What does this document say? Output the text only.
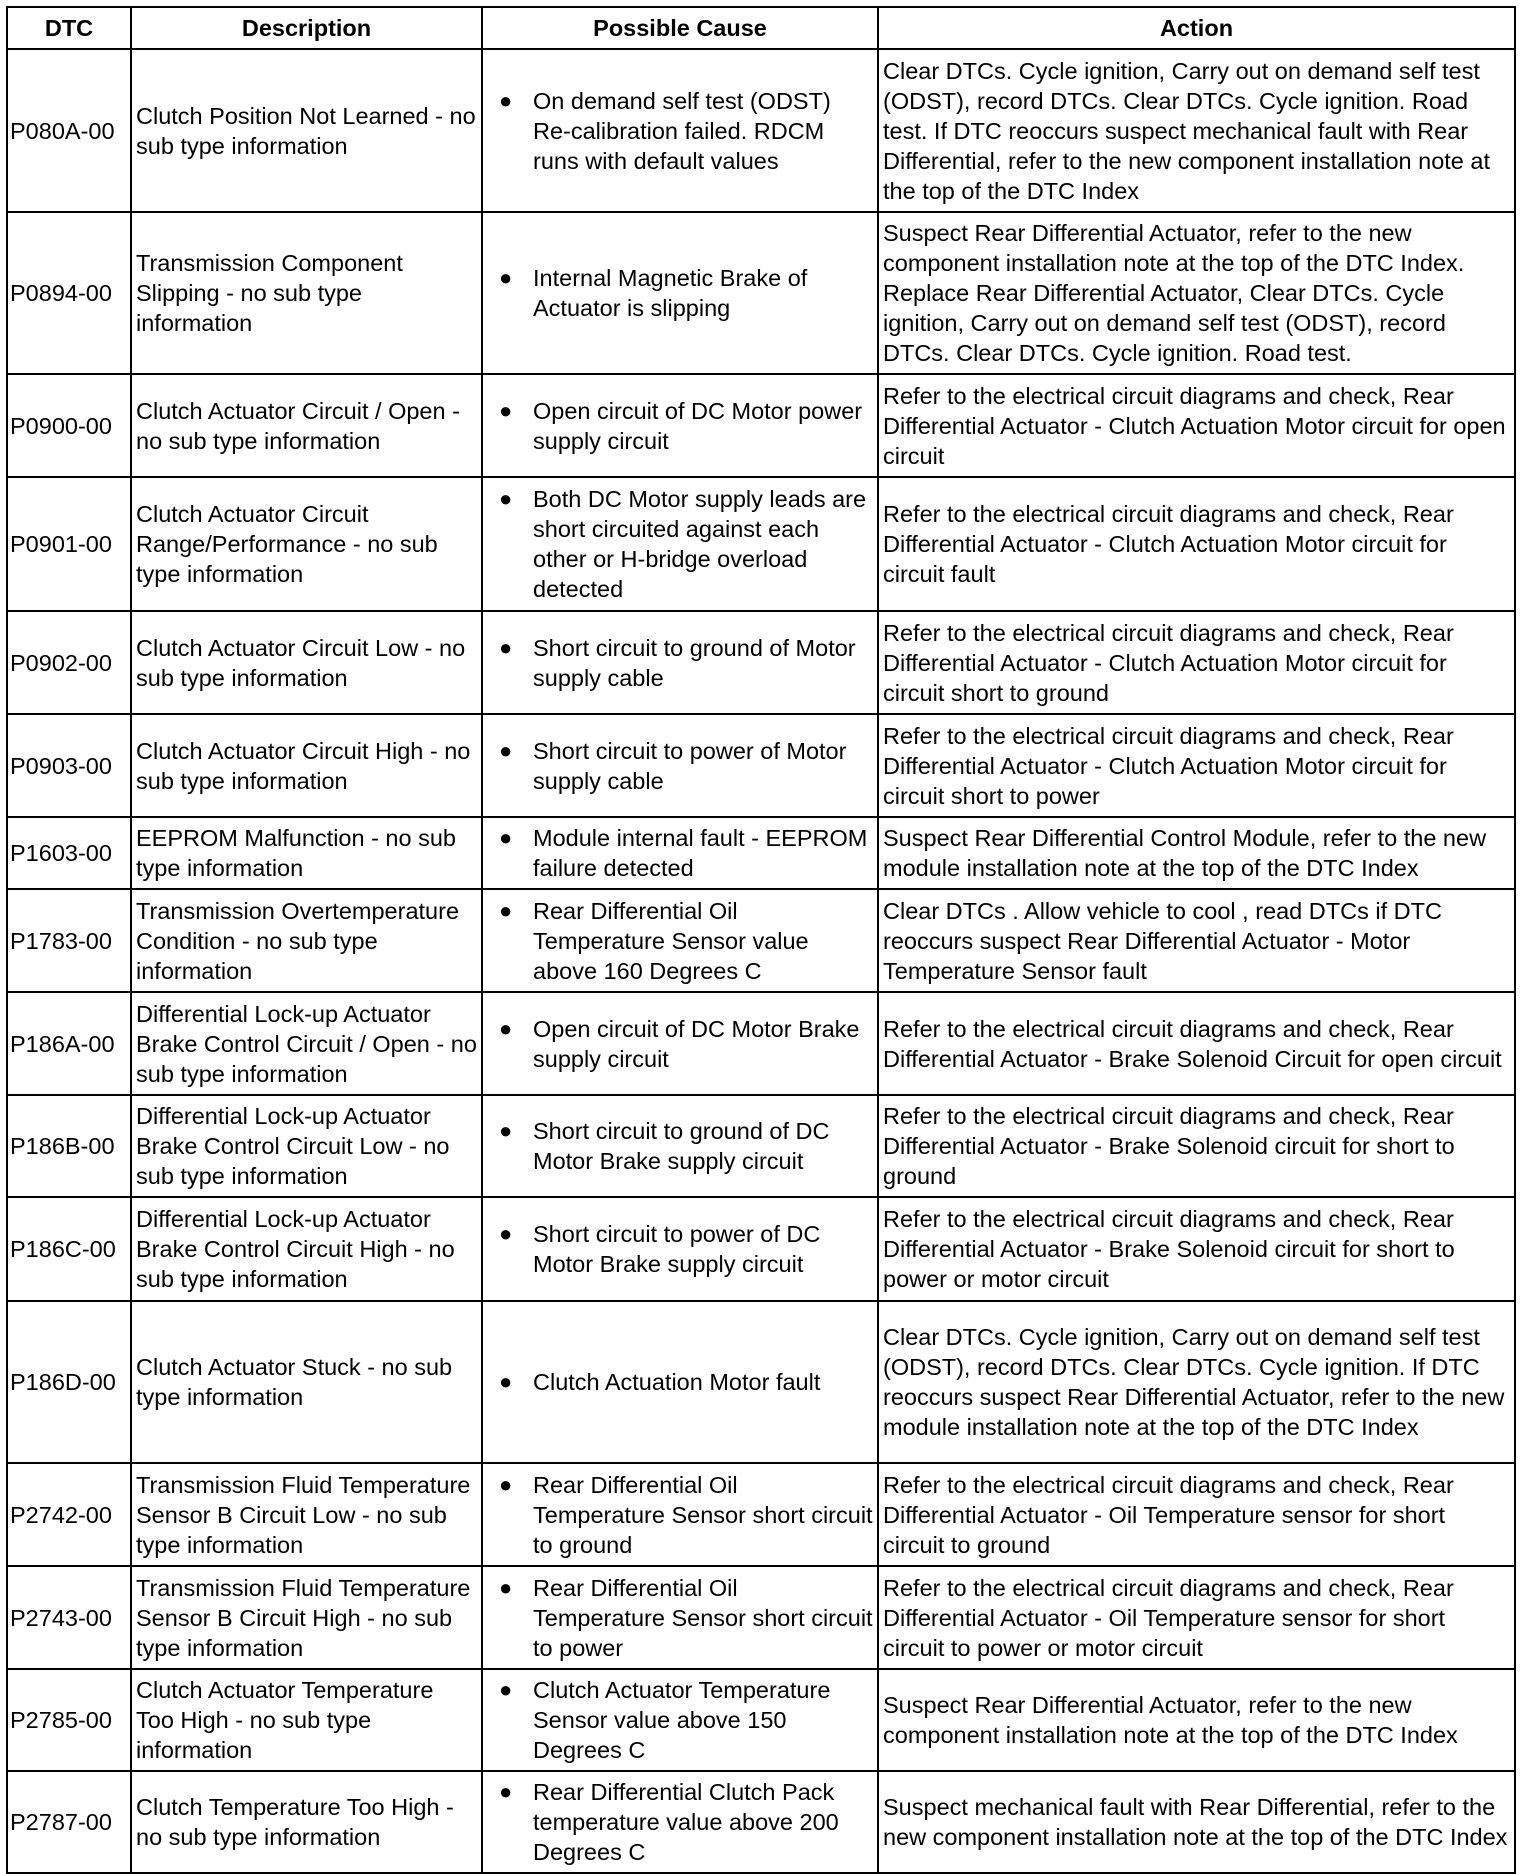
DTC	Description	Possible Cause	Action
P080A-00	Clutch Position Not Learned - no sub type information	● On demand self test (ODST) Re-calibration failed. RDCM runs with default values	Clear DTCs. Cycle ignition, Carry out on demand self test (ODST), record DTCs. Clear DTCs. Cycle ignition. Road test. If DTC reoccurs suspect mechanical fault with Rear Differential, refer to the new component installation note at the top of the DTC Index
P0894-00	Transmission Component Slipping - no sub type information	● Internal Magnetic Brake of Actuator is slipping	Suspect Rear Differential Actuator, refer to the new component installation note at the top of the DTC Index. Replace Rear Differential Actuator, Clear DTCs. Cycle ignition, Carry out on demand self test (ODST), record DTCs. Clear DTCs. Cycle ignition. Road test.
P0900-00	Clutch Actuator Circuit / Open - no sub type information	● Open circuit of DC Motor power supply circuit	Refer to the electrical circuit diagrams and check, Rear Differential Actuator - Clutch Actuation Motor circuit for open circuit
P0901-00	Clutch Actuator Circuit Range/Performance - no sub type information	● Both DC Motor supply leads are short circuited against each other or H-bridge overload detected	Refer to the electrical circuit diagrams and check, Rear Differential Actuator - Clutch Actuation Motor circuit for circuit fault
P0902-00	Clutch Actuator Circuit Low - no sub type information	● Short circuit to ground of Motor supply cable	Refer to the electrical circuit diagrams and check, Rear Differential Actuator - Clutch Actuation Motor circuit for circuit short to ground
P0903-00	Clutch Actuator Circuit High - no sub type information	● Short circuit to power of Motor supply cable	Refer to the electrical circuit diagrams and check, Rear Differential Actuator - Clutch Actuation Motor circuit for circuit short to power
P1603-00	EEPROM Malfunction - no sub type information	● Module internal fault - EEPROM failure detected	Suspect Rear Differential Control Module, refer to the new module installation note at the top of the DTC Index
P1783-00	Transmission Overtemperature Condition - no sub type information	● Rear Differential Oil Temperature Sensor value above 160 Degrees C	Clear DTCs . Allow vehicle to cool , read DTCs if DTC reoccurs suspect Rear Differential Actuator - Motor Temperature Sensor fault
P186A-00	Differential Lock-up Actuator Brake Control Circuit / Open - no sub type information	● Open circuit of DC Motor Brake supply circuit	Refer to the electrical circuit diagrams and check, Rear Differential Actuator - Brake Solenoid Circuit for open circuit
P186B-00	Differential Lock-up Actuator Brake Control Circuit Low - no sub type information	● Short circuit to ground of DC Motor Brake supply circuit	Refer to the electrical circuit diagrams and check, Rear Differential Actuator - Brake Solenoid circuit for short to ground
P186C-00	Differential Lock-up Actuator Brake Control Circuit High - no sub type information	● Short circuit to power of DC Motor Brake supply circuit	Refer to the electrical circuit diagrams and check, Rear Differential Actuator - Brake Solenoid circuit for short to power or motor circuit
P186D-00	Clutch Actuator Stuck - no sub type information	● Clutch Actuation Motor fault	Clear DTCs. Cycle ignition, Carry out on demand self test (ODST), record DTCs. Clear DTCs. Cycle ignition. If DTC reoccurs suspect Rear Differential Actuator, refer to the new module installation note at the top of the DTC Index
P2742-00	Transmission Fluid Temperature Sensor B Circuit Low - no sub type information	● Rear Differential Oil Temperature Sensor short circuit to ground	Refer to the electrical circuit diagrams and check, Rear Differential Actuator - Oil Temperature sensor for short circuit to ground
P2743-00	Transmission Fluid Temperature Sensor B Circuit High - no sub type information	● Rear Differential Oil Temperature Sensor short circuit to power	Refer to the electrical circuit diagrams and check, Rear Differential Actuator - Oil Temperature sensor for short circuit to power or motor circuit
P2785-00	Clutch Actuator Temperature Too High - no sub type information	● Clutch Actuator Temperature Sensor value above 150 Degrees C	Suspect Rear Differential Actuator, refer to the new component installation note at the top of the DTC Index
P2787-00	Clutch Temperature Too High - no sub type information	● Rear Differential Clutch Pack temperature value above 200 Degrees C	Suspect mechanical fault with Rear Differential, refer to the new component installation note at the top of the DTC Index
